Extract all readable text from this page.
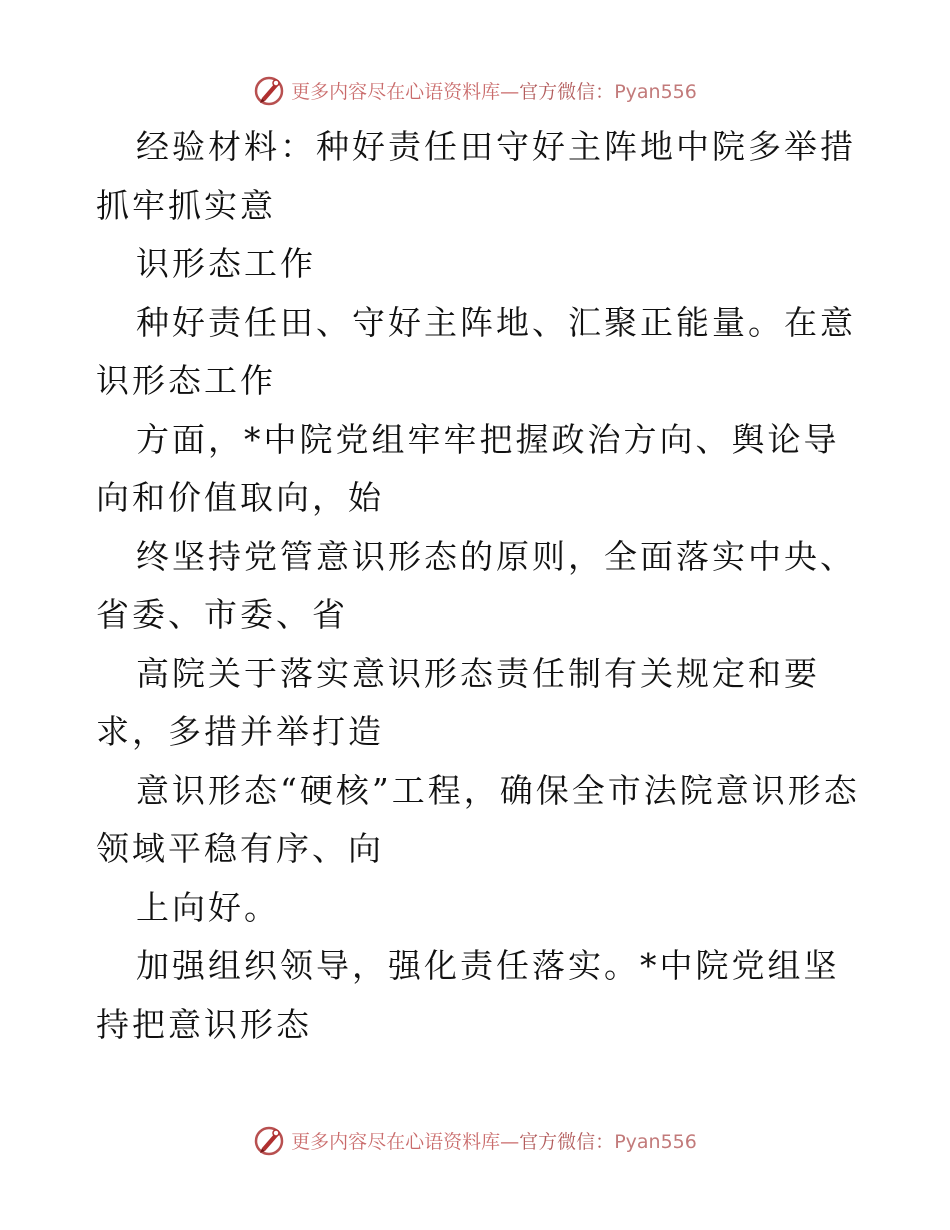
更多内容尽在心语资料库—官方微信：Pyan556

经验材料：种好责任田守好主阵地中院多举措抓牢抓实意

识形态工作

种好责任田、守好主阵地、汇聚正能量。在意识形态工作

方面，*中院党组牢牢把握政治方向、舆论导向和价值取向，始

终坚持党管意识形态的原则，全面落实中央、省委、市委、省

高院关于落实意识形态责任制有关规定和要求，多措并举打造

意识形态“硬核”工程，确保全市法院意识形态领域平稳有序、向

上向好。

加强组织领导，强化责任落实。*中院党组坚持把意识形态

更多内容尽在心语资料库—官方微信：Pyan556
